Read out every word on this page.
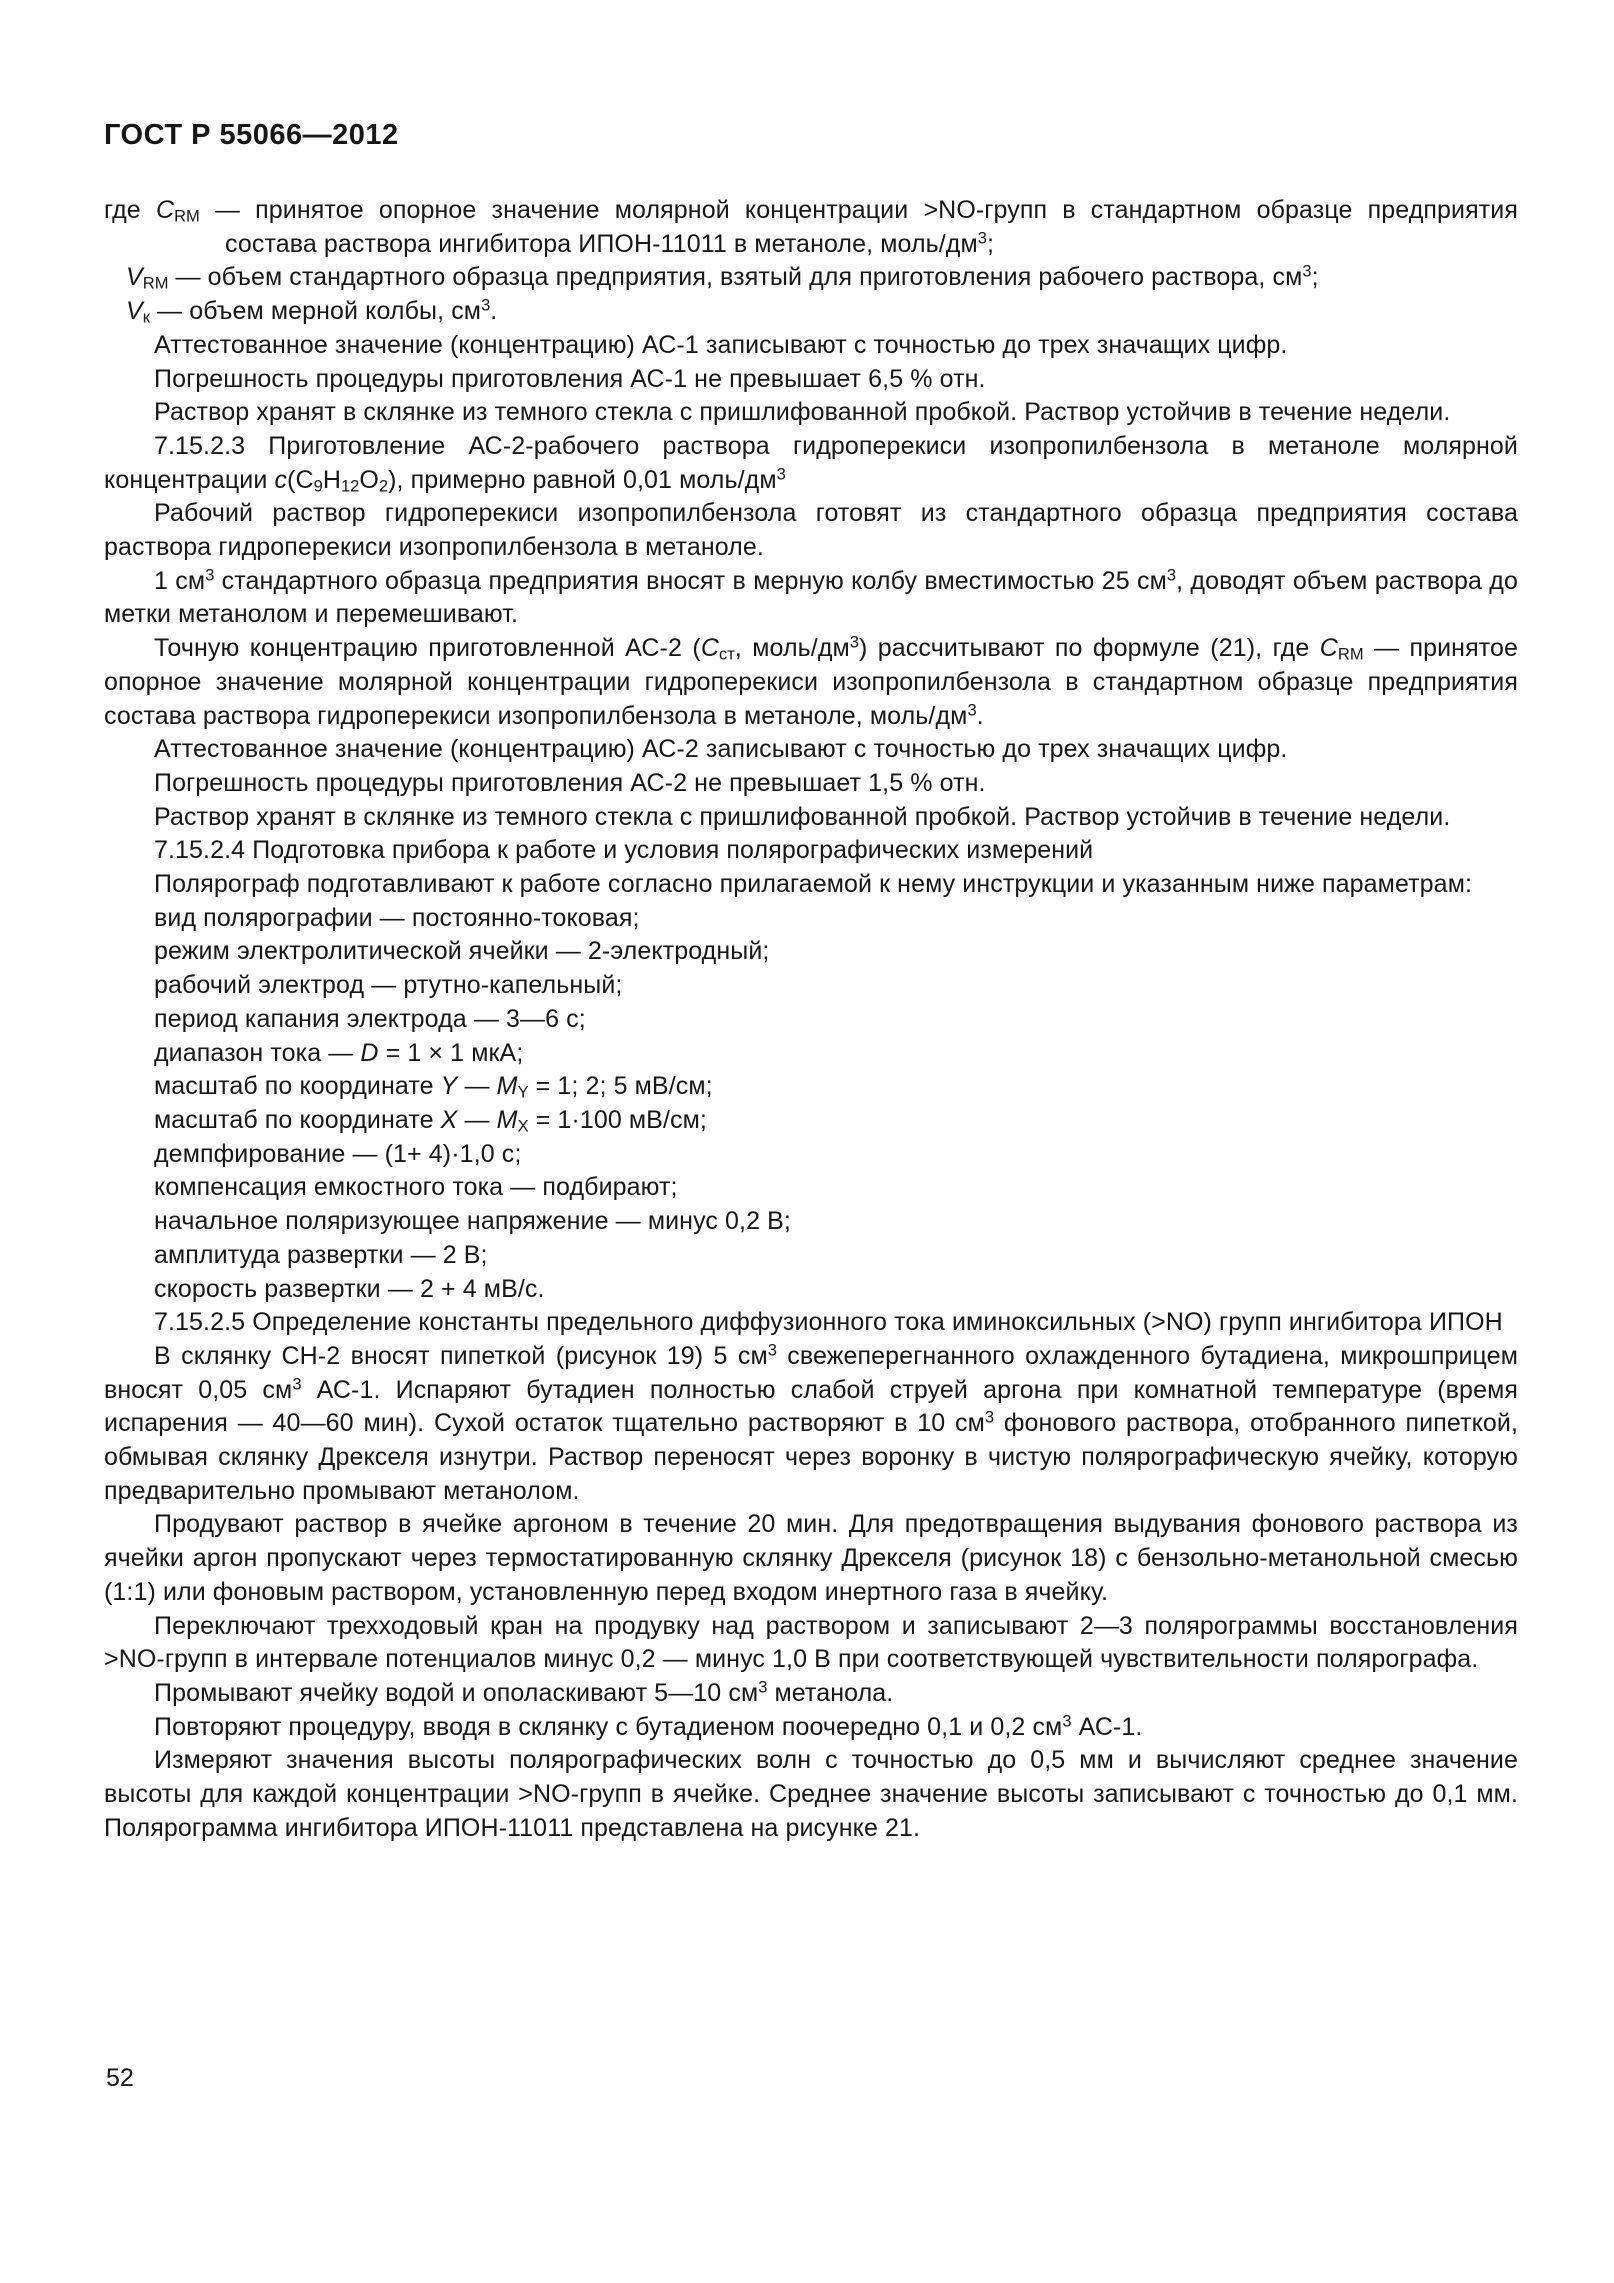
ГОСТ Р 55066—2012

где $C_{RM}$ — принятое опорное значение молярной концентрации >NO-групп в стандартном образце предприятия состава раствора ингибитора ИПОН-11011 в метаноле, моль/$дм^3$;

$V_{RM}$ — объем стандартного образца предприятия, взятый для приготовления рабочего раствора, $см^3$;

$V_к$ — объем мерной колбы, $см^3$.

Аттестованное значение (концентрацию) АС-1 записывают с точностью до трех значащих цифр.

Погрешность процедуры приготовления АС-1 не превышает 6,5 % отн.

Раствор хранят в склянке из темного стекла с пришлифованной пробкой. Раствор устойчив в течение недели.

7.15.2.3 Приготовление АС-2-рабочего раствора гидроперекиси изопропилбензола в метаноле молярной концентрации $c(C_9H_{12}O_2)$, примерно равной 0,01 моль/$дм^3$

Рабочий раствор гидроперекиси изопропилбензола готовят из стандартного образца предприятия состава раствора гидроперекиси изопропилбензола в метаноле.

1 $см^3$ стандартного образца предприятия вносят в мерную колбу вместимостью 25 $см^3$, доводят объем раствора до метки метанолом и перемешивают.

Точную концентрацию приготовленной АС-2 ($C_{ст}$, моль/$дм^3$) рассчитывают по формуле (21), где $C_{RM}$ — принятое опорное значение молярной концентрации гидроперекиси изопропилбензола в стандартном образце предприятия состава раствора гидроперекиси изопропилбензола в метаноле, моль/$дм^3$.

Аттестованное значение (концентрацию) АС-2 записывают с точностью до трех значащих цифр.

Погрешность процедуры приготовления АС-2 не превышает 1,5 % отн.

Раствор хранят в склянке из темного стекла с пришлифованной пробкой. Раствор устойчив в течение недели.

7.15.2.4 Подготовка прибора к работе и условия полярографических измерений

Полярограф подготавливают к работе согласно прилагаемой к нему инструкции и указанным ниже параметрам:

вид полярографии — постоянно-токовая;

режим электролитической ячейки — 2-электродный;

рабочий электрод — ртутно-капельный;

период капания электрода — 3—6 с;

диапазон тока — D = 1 × 1 мкА;

масштаб по координате Y — $M_Y = 1$; 2; 5 мВ/см;

масштаб по координате X — $M_X = 1\cdot 100$ мВ/см;

демпфирование — (1+ 4)·1,0 с;

компенсация емкостного тока — подбирают;

начальное поляризующее напряжение — минус 0,2 В;

амплитуда развертки — 2 В;

скорость развертки — 2 + 4 мВ/с.

7.15.2.5 Определение константы предельного диффузионного тока иминоксильных (>NO) групп ингибитора ИПОН

В склянку СН-2 вносят пипеткой (рисунок 19) 5 $см^3$ свежеперегнанного охлажденного бутадиена, микрошприцем вносят 0,05 $см^3$ АС-1. Испаряют бутадиен полностью слабой струей аргона при комнатной температуре (время испарения — 40—60 мин). Сухой остаток тщательно растворяют в 10 $см^3$ фонового раствора, отобранного пипеткой, обмывая склянку Дрекселя изнутри. Раствор переносят через воронку в чистую полярографическую ячейку, которую предварительно промывают метанолом.

Продувают раствор в ячейке аргоном в течение 20 мин. Для предотвращения выдувания фонового раствора из ячейки аргон пропускают через термостатированную склянку Дрекселя (рисунок 18) с бензольно-метанольной смесью (1:1) или фоновым раствором, установленную перед входом инертного газа в ячейку.

Переключают трехходовый кран на продувку над раствором и записывают 2—3 полярограммы восстановления >NO-групп в интервале потенциалов минус 0,2 — минус 1,0 В при соответствующей чувствительности полярографа.

Промывают ячейку водой и ополаскивают 5—10 $см^3$ метанола.

Повторяют процедуру, вводя в склянку с бутадиеном поочередно 0,1 и 0,2 $см^3$ АС-1.

Измеряют значения высоты полярографических волн с точностью до 0,5 мм и вычисляют среднее значение высоты для каждой концентрации >NO-групп в ячейке. Среднее значение высоты записывают с точностью до 0,1 мм. Полярограмма ингибитора ИПОН-11011 представлена на рисунке 21.

52
